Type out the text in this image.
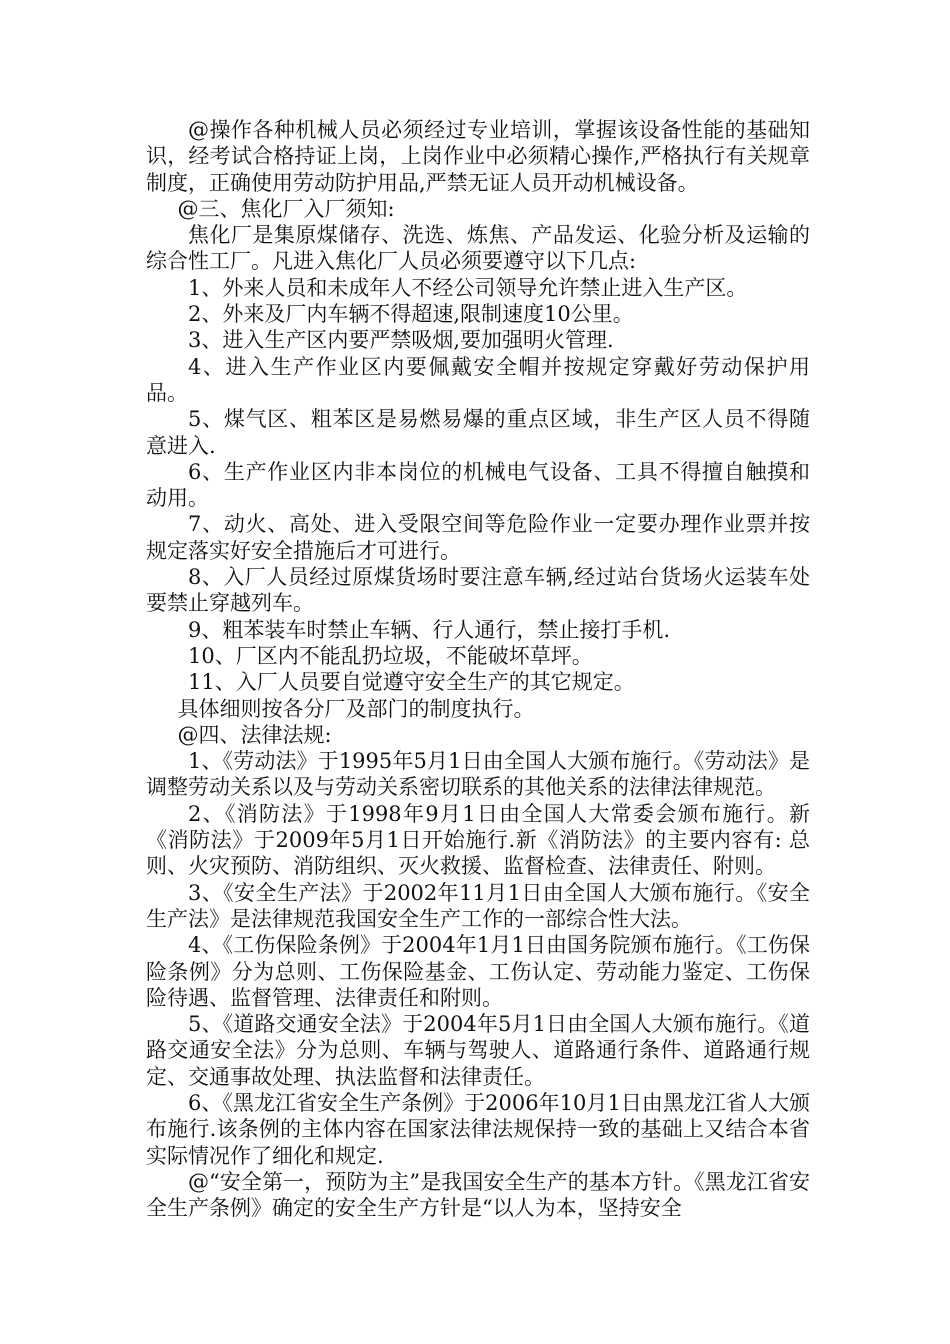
@操作各种机械人员必须经过专业培训，掌握该设备性能的基础知识，经考试合格持证上岗，上岗作业中必须精心操作,严格执行有关规章制度，正确使用劳动防护用品,严禁无证人员开动机械设备。

@三、焦化厂入厂须知:

焦化厂是集原煤储存、洗选、炼焦、产品发运、化验分析及运输的综合性工厂。凡进入焦化厂人员必须要遵守以下几点:

1、外来人员和未成年人不经公司领导允许禁止进入生产区。

2、外来及厂内车辆不得超速,限制速度10公里。

3、进入生产区内要严禁吸烟,要加强明火管理.

4、进入生产作业区内要佩戴安全帽并按规定穿戴好劳动保护用品。

5、煤气区、粗苯区是易燃易爆的重点区域，非生产区人员不得随意进入.

6、生产作业区内非本岗位的机械电气设备、工具不得擅自触摸和动用。

7、动火、高处、进入受限空间等危险作业一定要办理作业票并按规定落实好安全措施后才可进行。

8、入厂人员经过原煤货场时要注意车辆,经过站台货场火运装车处要禁止穿越列车。

9、粗苯装车时禁止车辆、行人通行，禁止接打手机.

10、厂区内不能乱扔垃圾，不能破坏草坪。

11、入厂人员要自觉遵守安全生产的其它规定。

具体细则按各分厂及部门的制度执行。

@四、法律法规:

1、《劳动法》于1995年5月1日由全国人大颁布施行。《劳动法》是调整劳动关系以及与劳动关系密切联系的其他关系的法律法律规范。

2、《消防法》于1998年9月1日由全国人大常委会颁布施行。新《消防法》于2009年5月1日开始施行.新《消防法》的主要内容有: 总则、火灾预防、消防组织、灭火救援、监督检查、法律责任、附则。

3、《安全生产法》于2002年11月1日由全国人大颁布施行。《安全生产法》是法律规范我国安全生产工作的一部综合性大法。

4、《工伤保险条例》于2004年1月1日由国务院颁布施行。《工伤保险条例》分为总则、工伤保险基金、工伤认定、劳动能力鉴定、工伤保险待遇、监督管理、法律责任和附则。

5、《道路交通安全法》于2004年5月1日由全国人大颁布施行。《道路交通安全法》分为总则、车辆与驾驶人、道路通行条件、道路通行规定、交通事故处理、执法监督和法律责任。

6、《黑龙江省安全生产条例》于2006年10月1日由黑龙江省人大颁布施行.该条例的主体内容在国家法律法规保持一致的基础上又结合本省实际情况作了细化和规定.

@“安全第一，预防为主”是我国安全生产的基本方针。《黑龙江省安全生产条例》确定的安全生产方针是“以人为本，坚持安全
